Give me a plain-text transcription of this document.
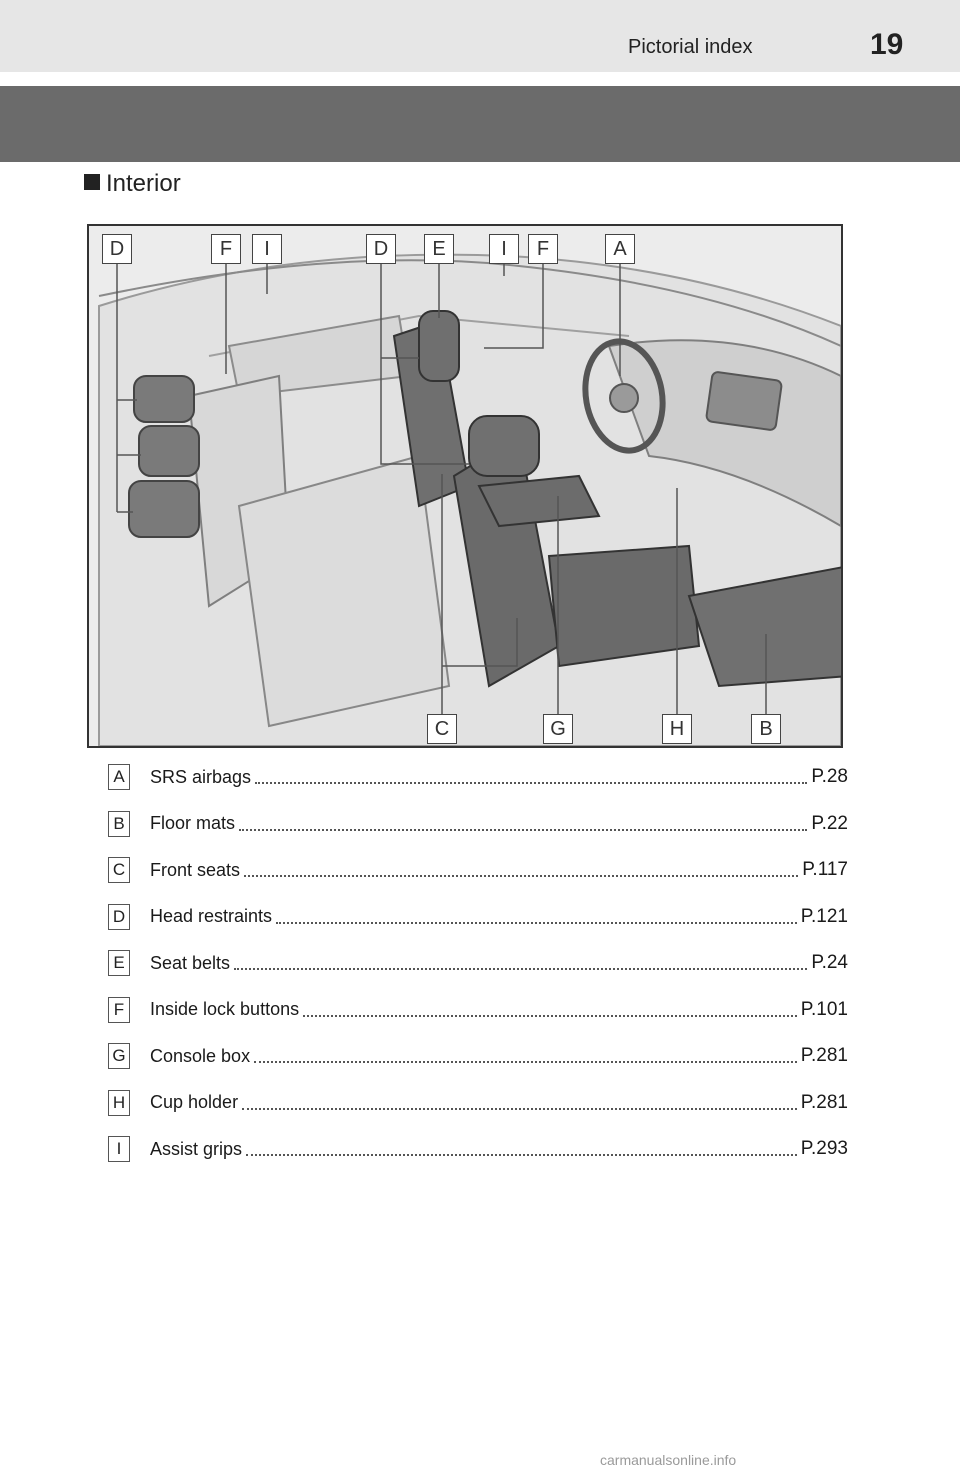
Pictorial index	19
Interior
D	F	I	D	E	I	F	A
C	G	H	B
A SRS airbags	P.28
B Floor mats	P.22
C Front seats	P.117
D Head restraints	P.121
E Seat belts	P.24
F	Inside lock buttons	P.101
G Console box	P.281
H Cup holder	P.281
I	Assist grips	P.293
carmanualsonline.info
